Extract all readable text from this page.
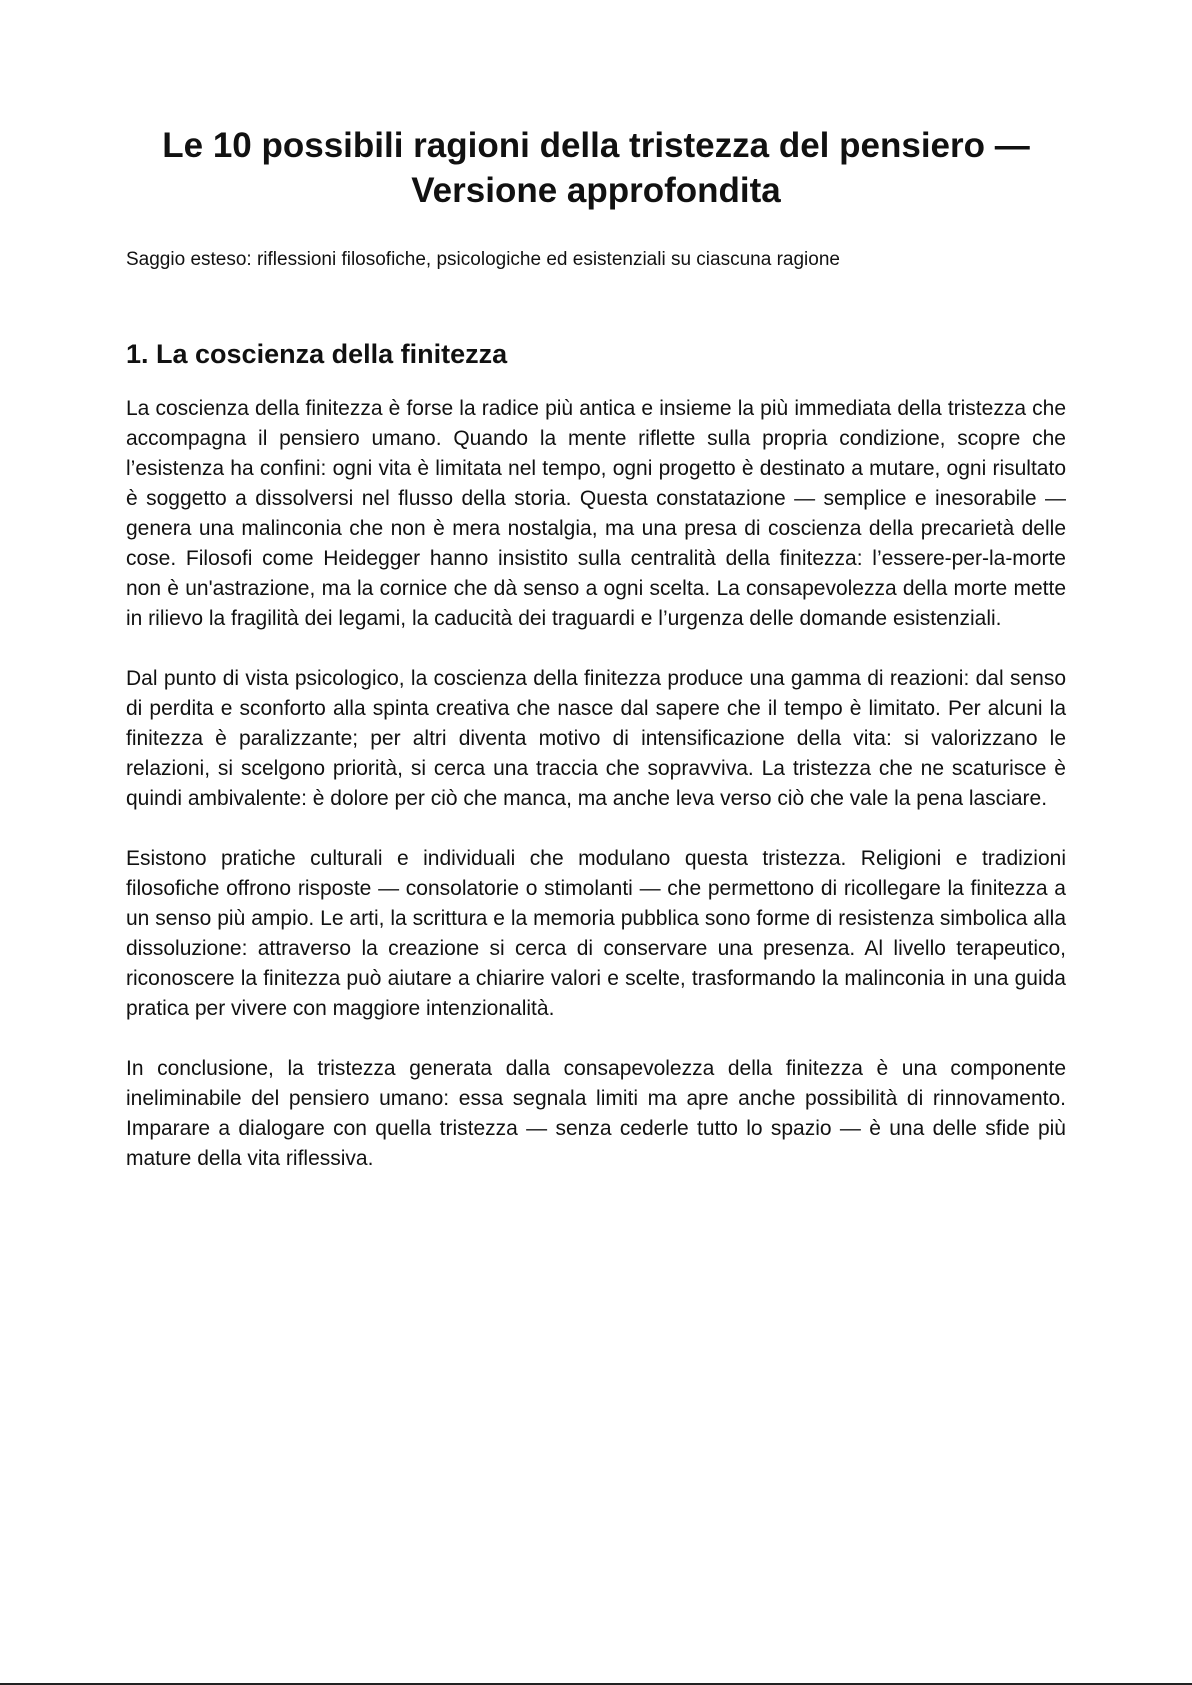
Le 10 possibili ragioni della tristezza del pensiero — Versione approfondita

Saggio esteso: riflessioni filosofiche, psicologiche ed esistenziali su ciascuna ragione

1. La coscienza della finitezza

La coscienza della finitezza è forse la radice più antica e insieme la più immediata della tristezza che accompagna il pensiero umano. Quando la mente riflette sulla propria condizione, scopre che l’esistenza ha confini: ogni vita è limitata nel tempo, ogni progetto è destinato a mutare, ogni risultato è soggetto a dissolversi nel flusso della storia. Questa constatazione — semplice e inesorabile — genera una malinconia che non è mera nostalgia, ma una presa di coscienza della precarietà delle cose. Filosofi come Heidegger hanno insistito sulla centralità della finitezza: l’essere-per-la-morte non è un'astrazione, ma la cornice che dà senso a ogni scelta. La consapevolezza della morte mette in rilievo la fragilità dei legami, la caducità dei traguardi e l’urgenza delle domande esistenziali.

Dal punto di vista psicologico, la coscienza della finitezza produce una gamma di reazioni: dal senso di perdita e sconforto alla spinta creativa che nasce dal sapere che il tempo è limitato. Per alcuni la finitezza è paralizzante; per altri diventa motivo di intensificazione della vita: si valorizzano le relazioni, si scelgono priorità, si cerca una traccia che sopravviva. La tristezza che ne scaturisce è quindi ambivalente: è dolore per ciò che manca, ma anche leva verso ciò che vale la pena lasciare.

Esistono pratiche culturali e individuali che modulano questa tristezza. Religioni e tradizioni filosofiche offrono risposte — consolatorie o stimolanti — che permettono di ricollegare la finitezza a un senso più ampio. Le arti, la scrittura e la memoria pubblica sono forme di resistenza simbolica alla dissoluzione: attraverso la creazione si cerca di conservare una presenza. Al livello terapeutico, riconoscere la finitezza può aiutare a chiarire valori e scelte, trasformando la malinconia in una guida pratica per vivere con maggiore intenzionalità.

In conclusione, la tristezza generata dalla consapevolezza della finitezza è una componente ineliminabile del pensiero umano: essa segnala limiti ma apre anche possibilità di rinnovamento. Imparare a dialogare con quella tristezza — senza cederle tutto lo spazio — è una delle sfide più mature della vita riflessiva.
